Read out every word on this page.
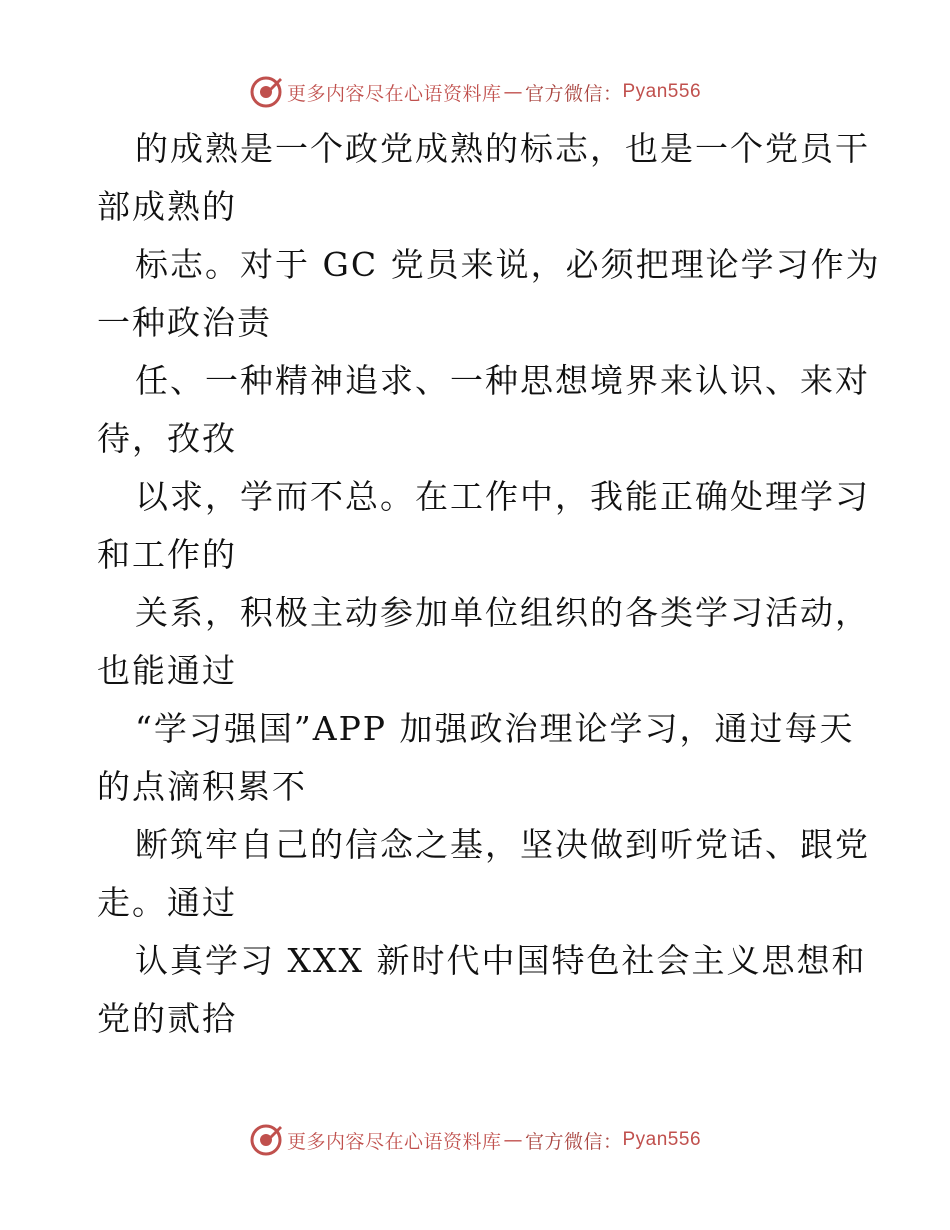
更多内容尽在心语资料库 — 官方微信： Pyan556

的成熟是一个政党成熟的标志，也是一个党员干

部成熟的

标志。对于 GC 党员来说，必须把理论学习作为

一种政治责

任、一种精神追求、一种思想境界来认识、来对

待，孜孜

以求，学而不总。在工作中，我能正确处理学习

和工作的

关系，积极主动参加单位组织的各类学习活动，

也能通过

“学习强国”APP 加强政治理论学习，通过每天

的点滴积累不

断筑牢自己的信念之基，坚决做到听党话、跟党

走。通过

认真学习 XXX 新时代中国特色社会主义思想和

党的贰拾

更多内容尽在心语资料库 — 官方微信： Pyan556
